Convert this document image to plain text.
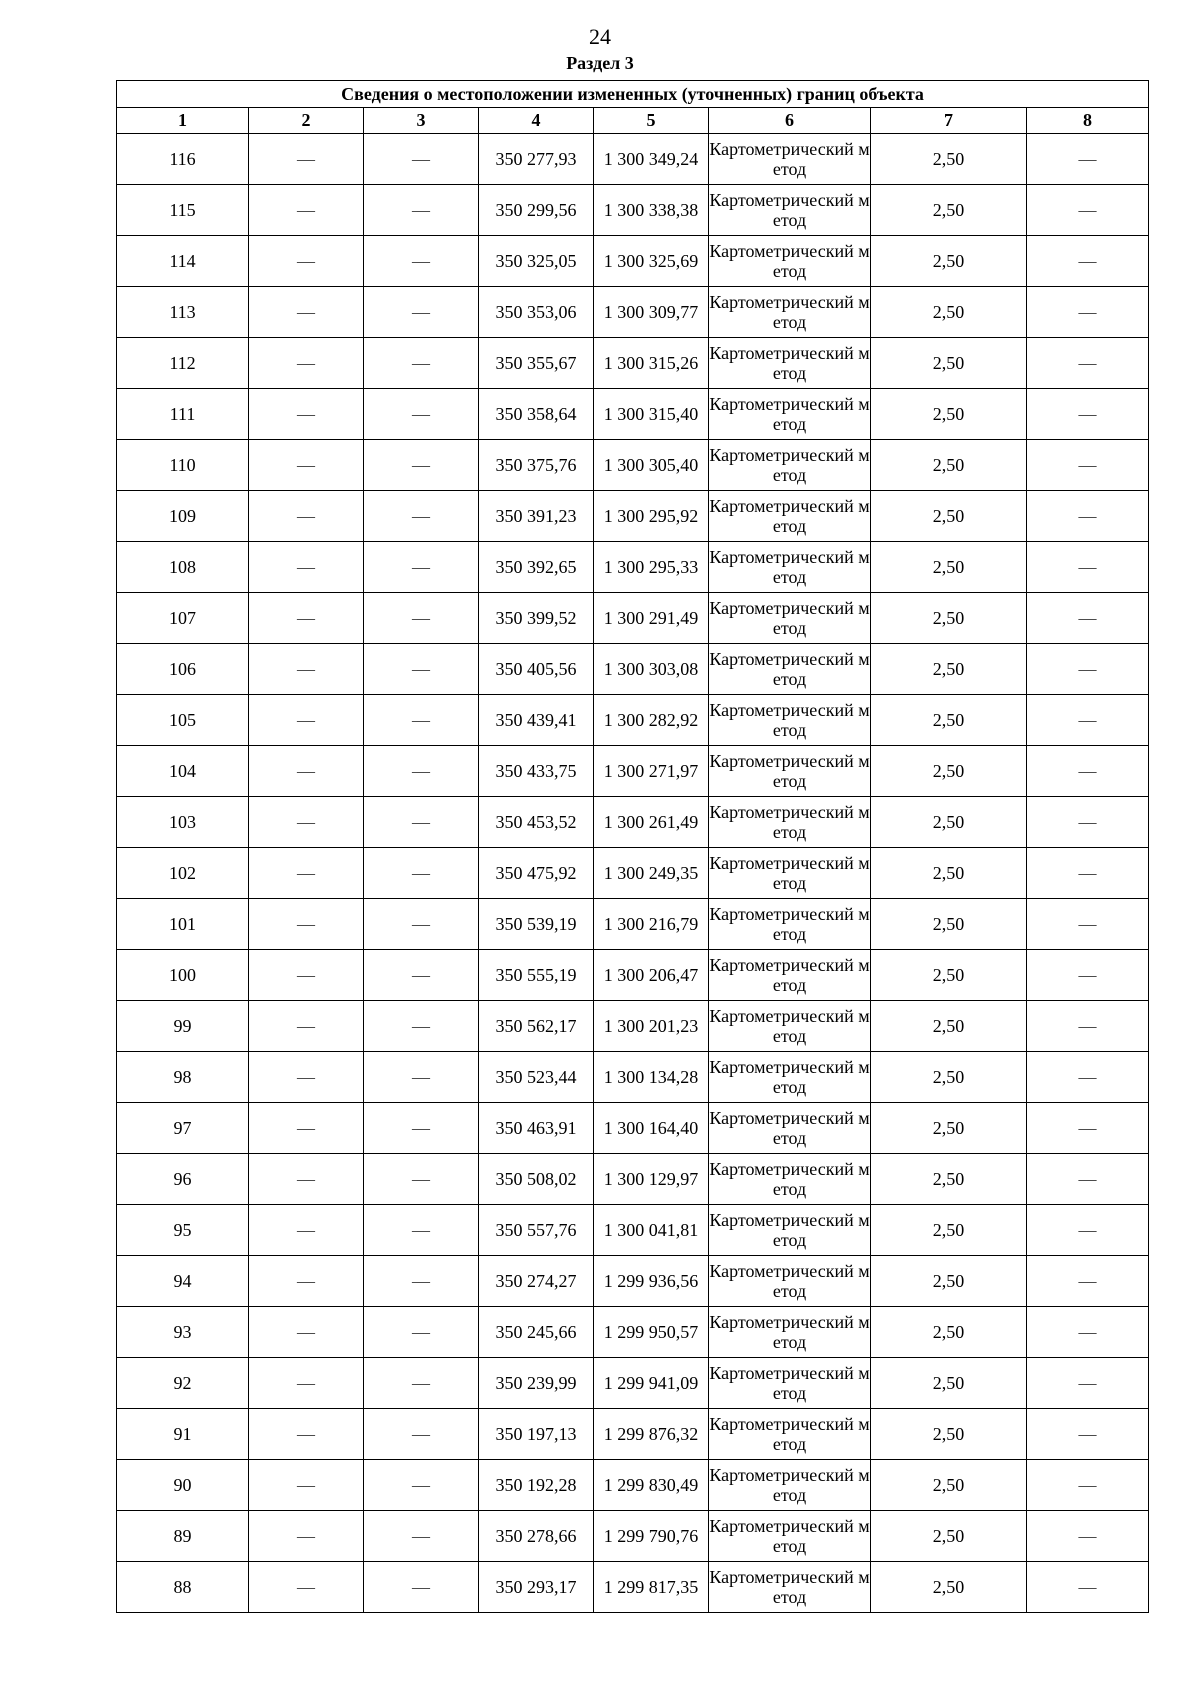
24
Раздел 3
Сведения о местоположении измененных (уточненных) границ объекта							
1	2	3	4	5	6	7	8
116	—	—	350 277,93	1 300 349,24	Картометрический метод	2,50	—
115	—	—	350 299,56	1 300 338,38	Картометрический метод	2,50	—
114	—	—	350 325,05	1 300 325,69	Картометрический метод	2,50	—
113	—	—	350 353,06	1 300 309,77	Картометрический метод	2,50	—
112	—	—	350 355,67	1 300 315,26	Картометрический метод	2,50	—
111	—	—	350 358,64	1 300 315,40	Картометрический метод	2,50	—
110	—	—	350 375,76	1 300 305,40	Картометрический метод	2,50	—
109	—	—	350 391,23	1 300 295,92	Картометрический метод	2,50	—
108	—	—	350 392,65	1 300 295,33	Картометрический метод	2,50	—
107	—	—	350 399,52	1 300 291,49	Картометрический метод	2,50	—
106	—	—	350 405,56	1 300 303,08	Картометрический метод	2,50	—
105	—	—	350 439,41	1 300 282,92	Картометрический метод	2,50	—
104	—	—	350 433,75	1 300 271,97	Картометрический метод	2,50	—
103	—	—	350 453,52	1 300 261,49	Картометрический метод	2,50	—
102	—	—	350 475,92	1 300 249,35	Картометрический метод	2,50	—
101	—	—	350 539,19	1 300 216,79	Картометрический метод	2,50	—
100	—	—	350 555,19	1 300 206,47	Картометрический метод	2,50	—
99	—	—	350 562,17	1 300 201,23	Картометрический метод	2,50	—
98	—	—	350 523,44	1 300 134,28	Картометрический метод	2,50	—
97	—	—	350 463,91	1 300 164,40	Картометрический метод	2,50	—
96	—	—	350 508,02	1 300 129,97	Картометрический метод	2,50	—
95	—	—	350 557,76	1 300 041,81	Картометрический метод	2,50	—
94	—	—	350 274,27	1 299 936,56	Картометрический метод	2,50	—
93	—	—	350 245,66	1 299 950,57	Картометрический метод	2,50	—
92	—	—	350 239,99	1 299 941,09	Картометрический метод	2,50	—
91	—	—	350 197,13	1 299 876,32	Картометрический метод	2,50	—
90	—	—	350 192,28	1 299 830,49	Картометрический метод	2,50	—
89	—	—	350 278,66	1 299 790,76	Картометрический метод	2,50	—
88	—	—	350 293,17	1 299 817,35	Картометрический метод	2,50	—
